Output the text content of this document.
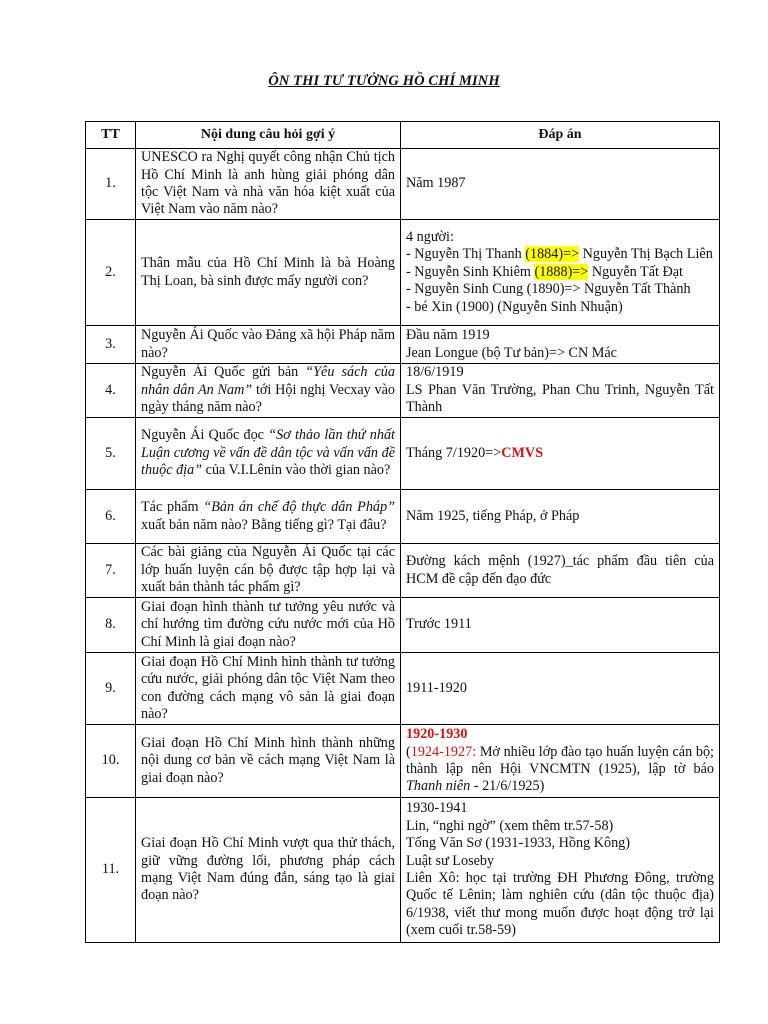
ÔN THI TƯ TƯỞNG HỒ CHÍ MINH
TT	Nội dung câu hỏi gợi ý	Đáp án
1.	UNESCO ra Nghị quyết công nhận Chủ tịch Hồ Chí Minh là anh hùng giải phóng dân tộc Việt Nam và nhà văn hóa kiệt xuất của Việt Nam vào năm nào?	Năm 1987
2.	Thân mẫu của Hồ Chí Minh là bà Hoàng Thị Loan, bà sinh được mấy người con?	4 người:
- Nguyễn Thị Thanh (1884)=> Nguyễn Thị Bạch Liên
- Nguyễn Sinh Khiêm (1888)=> Nguyễn Tất Đạt
- Nguyễn Sinh Cung (1890)=> Nguyễn Tất Thành
- bé Xin (1900) (Nguyễn Sinh Nhuận)

3.	Nguyễn Ái Quốc vào Đảng xã hội Pháp năm nào?	Đầu năm 1919
Jean Longue (bộ Tư bản)=> CN Mác

4.	Nguyễn Ái Quốc gửi bản “Yêu sách của nhân dân An Nam” tới Hội nghị Vecxay vào ngày tháng năm nào?	18/6/1919
LS Phan Văn Trường, Phan Chu Trinh, Nguyễn Tất Thành

5.	Nguyễn Ái Quốc đọc “Sơ thảo lần thứ nhất Luận cương về vấn đề dân tộc và vấn vấn đề thuộc địa” của V.I.Lênin vào thời gian nào?	Tháng 7/1920=>CMVS
6.	Tác phẩm “Bản án chế độ thực dân Pháp” xuất bản năm nào? Bằng tiếng gì? Tại đâu?	Năm 1925, tiếng Pháp, ở Pháp
7.	Các bài giảng của Nguyễn Ái Quốc tại các lớp huấn luyện cán bộ được tập hợp lại và xuất bản thành tác phẩm gì?	Đường kách mệnh (1927)_tác phẩm đầu tiên của HCM đề cập đến đạo đức
8.	Giai đoạn hình thành tư tưởng yêu nước và chí hướng tìm đường cứu nước mới của Hồ Chí Minh là giai đoạn nào?	Trước 1911
9.	Giai đoạn Hồ Chí Minh hình thành tư tưởng cứu nước, giải phóng dân tộc Việt Nam theo con đường cách mạng vô sản là giai đoạn nào?	1911-1920
10.	Giai đoạn Hồ Chí Minh hình thành những nội dung cơ bản về cách mạng Việt Nam là giai đoạn nào?	1920-1930
(1924-1927: Mở nhiều lớp đào tạo huấn luyện cán bộ; thành lập nên Hội VNCMTN (1925), lập tờ báo Thanh niên - 21/6/1925)
11.	Giai đoạn Hồ Chí Minh vượt qua thử thách, giữ vững đường lối, phương pháp cách mạng Việt Nam đúng đắn, sáng tạo là giai đoạn nào?	1930-1941
Lin, “nghi ngờ” (xem thêm tr.57-58)
Tống Văn Sơ (1931-1933, Hồng Kông)
Luật sư Loseby
Liên Xô: học tại trường ĐH Phương Đông, trường Quốc tế Lênin; làm nghiên cứu (dân tộc thuộc địa) 6/1938, viết thư mong muốn được hoạt động trở lại (xem cuối tr.58-59)
